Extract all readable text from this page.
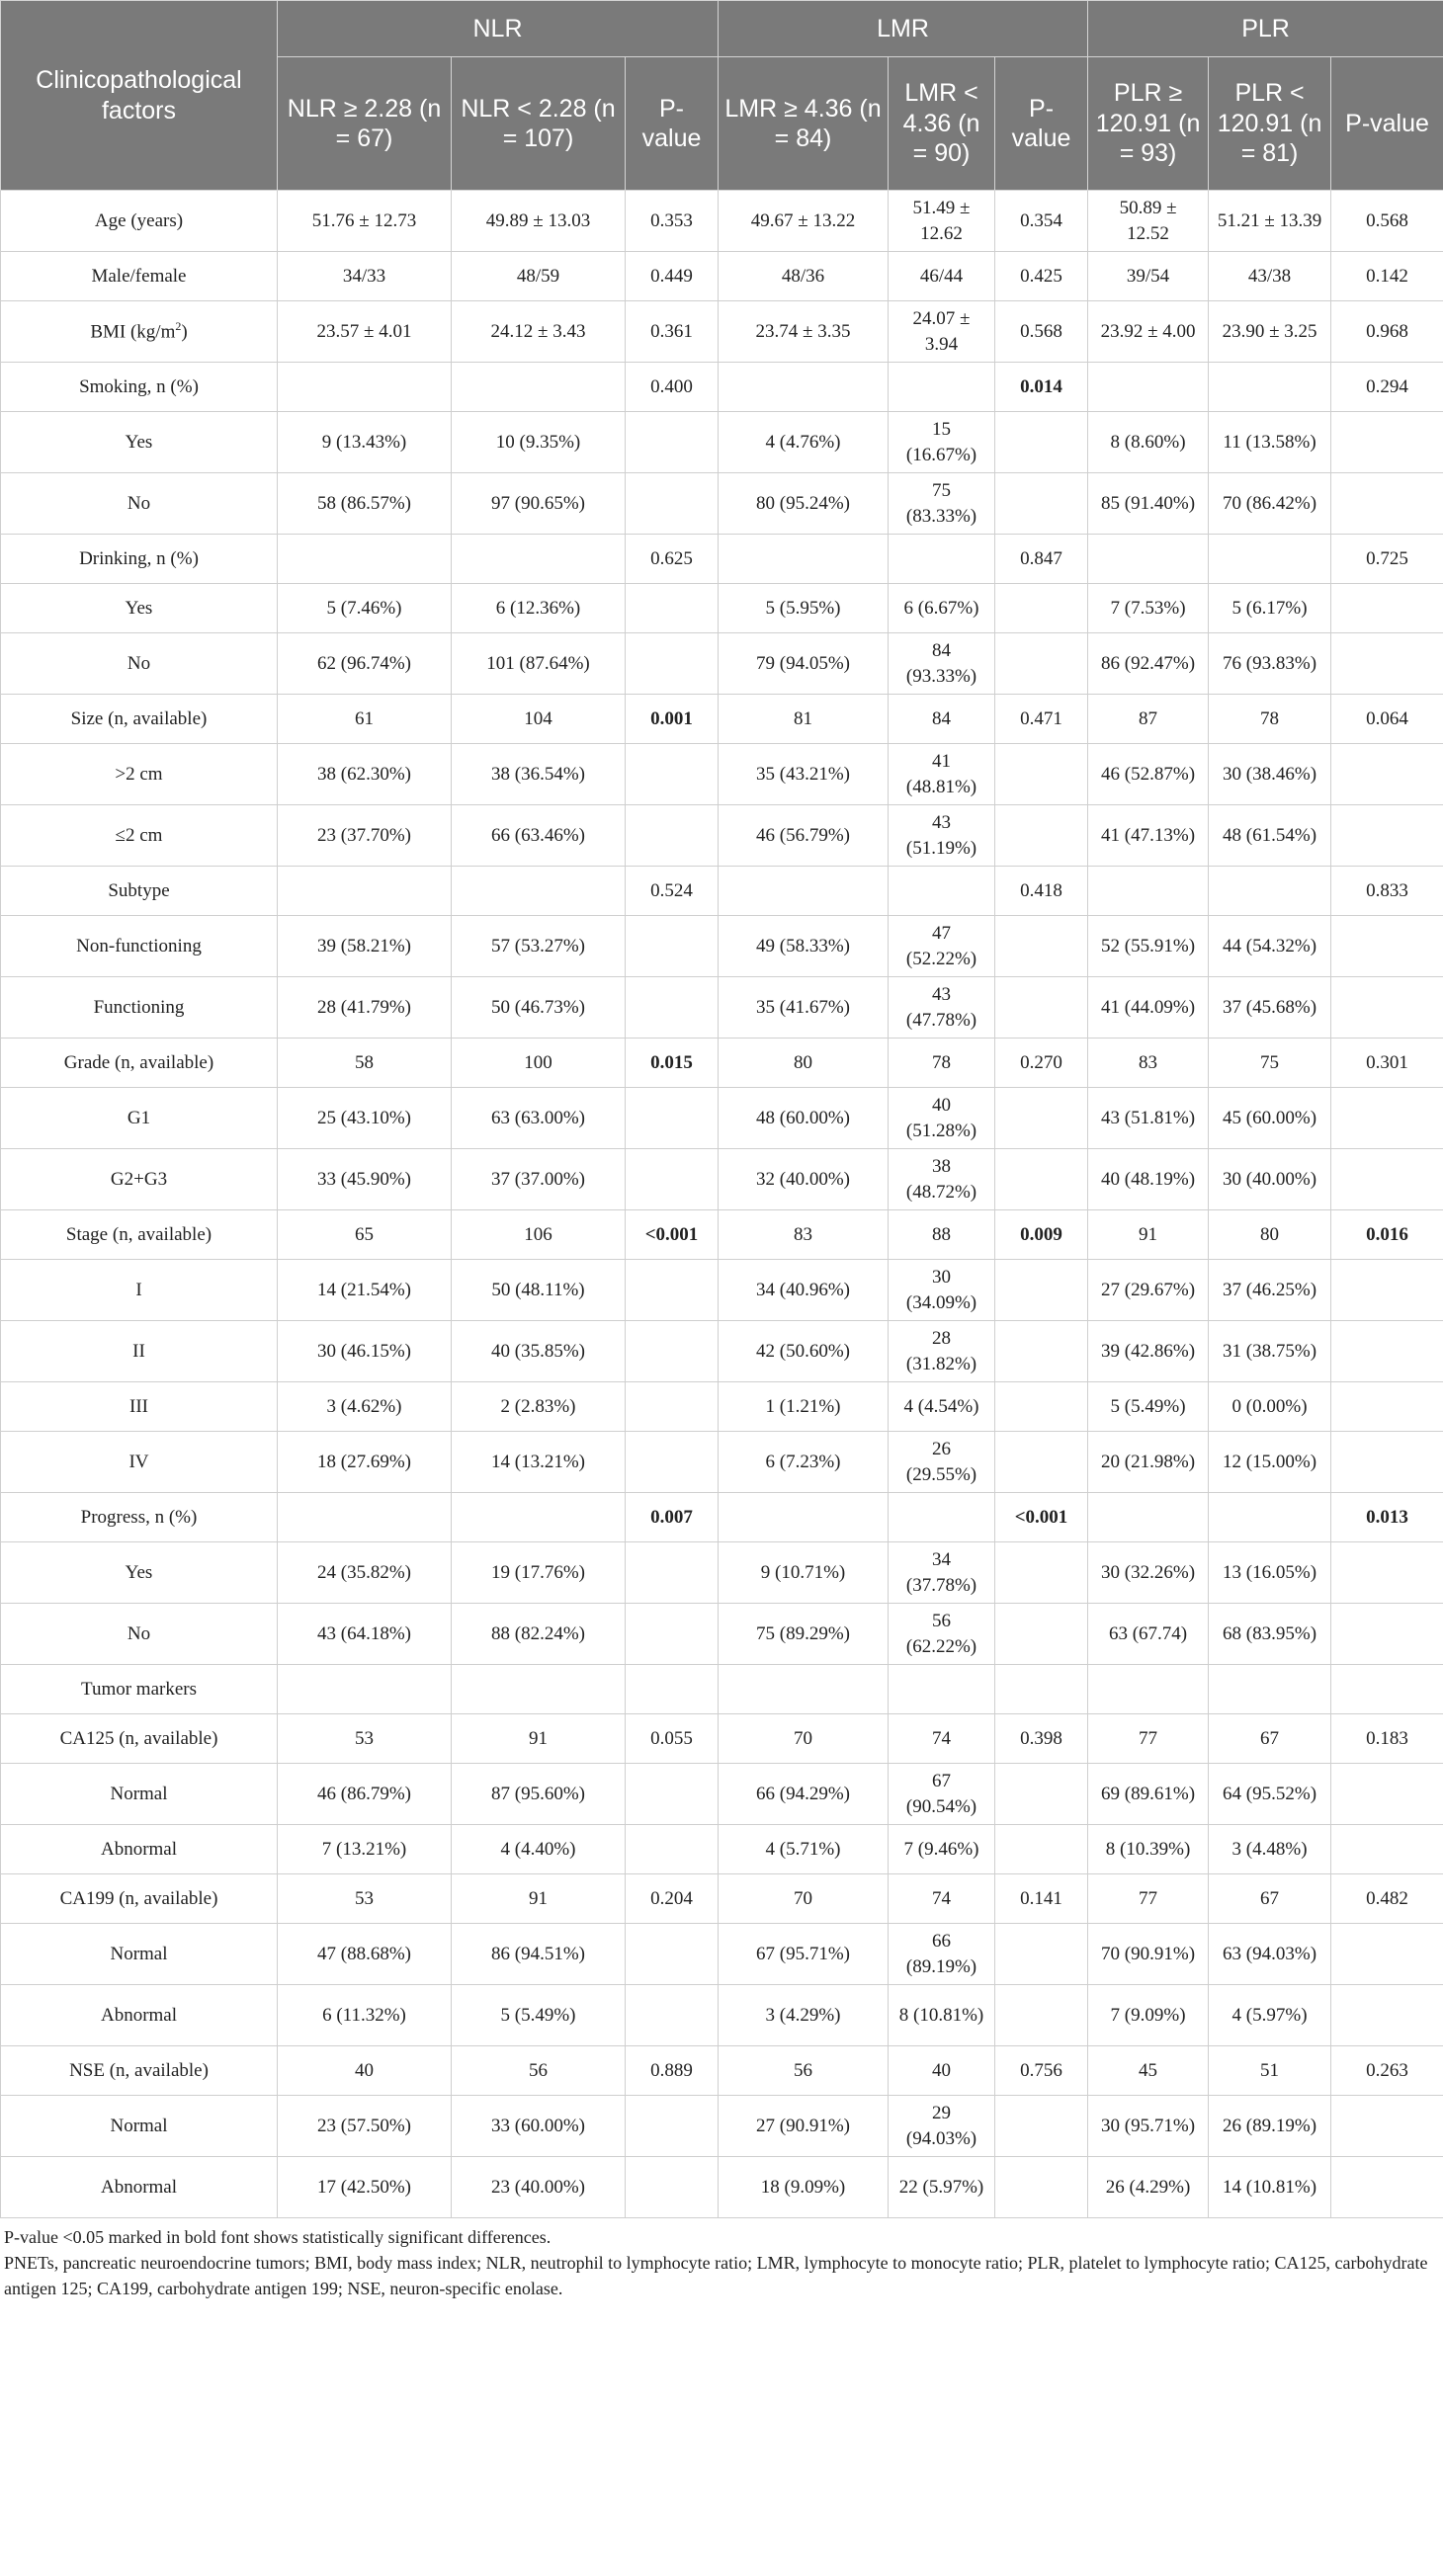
Clinicopathological factors	NLR			LMR			PLR		
	NLR ≥ 2.28 (n = 67)	NLR < 2.28 (n = 107)	P-value	LMR ≥ 4.36 (n = 84)	LMR < 4.36 (n = 90)	P-value	PLR ≥ 120.91 (n = 93)	PLR < 120.91 (n = 81)	P-value
Age (years)	51.76 ± 12.73	49.89 ± 13.03	0.353	49.67 ± 13.22	51.49 ± 12.62	0.354	50.89 ± 12.52	51.21 ± 13.39	0.568
Male/female	34/33	48/59	0.449	48/36	46/44	0.425	39/54	43/38	0.142
BMI $(kg/m^2)$	23.57 ± 4.01	24.12 ± 3.43	0.361	23.74 ± 3.35	24.07 ± 3.94	0.568	23.92 ± 4.00	23.90 ± 3.25	0.968
Smoking, n (%)			0.400			0.014			0.294
Yes	9 (13.43%)	10 (9.35%)		4 (4.76%)	15 (16.67%)		8 (8.60%)	11 (13.58%)	
No	58 (86.57%)	97 (90.65%)		80 (95.24%)	75 (83.33%)		85 (91.40%)	70 (86.42%)	
Drinking, n (%)			0.625			0.847			0.725
Yes	5 (7.46%)	6 (12.36%)		5 (5.95%)	6 (6.67%)		7 (7.53%)	5 (6.17%)	
No	62 (96.74%)	101 (87.64%)		79 (94.05%)	84 (93.33%)		86 (92.47%)	76 (93.83%)	
Size (n, available)	61	104	0.001	81	84	0.471	87	78	0.064
>2 cm	38 (62.30%)	38 (36.54%)		35 (43.21%)	41 (48.81%)		46 (52.87%)	30 (38.46%)	
≤2 cm	23 (37.70%)	66 (63.46%)		46 (56.79%)	43 (51.19%)		41 (47.13%)	48 (61.54%)	
Subtype			0.524			0.418			0.833
Non-functioning	39 (58.21%)	57 (53.27%)		49 (58.33%)	47 (52.22%)		52 (55.91%)	44 (54.32%)	
Functioning	28 (41.79%)	50 (46.73%)		35 (41.67%)	43 (47.78%)		41 (44.09%)	37 (45.68%)	
Grade (n, available)	58	100	0.015	80	78	0.270	83	75	0.301
G1	25 (43.10%)	63 (63.00%)		48 (60.00%)	40 (51.28%)		43 (51.81%)	45 (60.00%)	
G2+G3	33 (45.90%)	37 (37.00%)		32 (40.00%)	38 (48.72%)		40 (48.19%)	30 (40.00%)	
Stage (n, available)	65	106	<0.001	83	88	0.009	91	80	0.016
I	14 (21.54%)	50 (48.11%)		34 (40.96%)	30 (34.09%)		27 (29.67%)	37 (46.25%)	
II	30 (46.15%)	40 (35.85%)		42 (50.60%)	28 (31.82%)		39 (42.86%)	31 (38.75%)	
III	3 (4.62%)	2 (2.83%)		1 (1.21%)	4 (4.54%)		5 (5.49%)	0 (0.00%)	
IV	18 (27.69%)	14 (13.21%)		6 (7.23%)	26 (29.55%)		20 (21.98%)	12 (15.00%)	
Progress, n (%)			0.007			<0.001			0.013
Yes	24 (35.82%)	19 (17.76%)		9 (10.71%)	34 (37.78%)		30 (32.26%)	13 (16.05%)	
No	43 (64.18%)	88 (82.24%)		75 (89.29%)	56 (62.22%)		63 (67.74)	68 (83.95%)	
Tumor markers									
CA125 (n, available)	53	91	0.055	70	74	0.398	77	67	0.183
Normal	46 (86.79%)	87 (95.60%)		66 (94.29%)	67 (90.54%)		69 (89.61%)	64 (95.52%)	
Abnormal	7 (13.21%)	4 (4.40%)		4 (5.71%)	7 (9.46%)		8 (10.39%)	3 (4.48%)	
CA199 (n, available)	53	91	0.204	70	74	0.141	77	67	0.482
Normal	47 (88.68%)	86 (94.51%)		67 (95.71%)	66 (89.19%)		70 (90.91%)	63 (94.03%)	
Abnormal	6 (11.32%)	5 (5.49%)		3 (4.29%)	8 (10.81%)		7 (9.09%)	4 (5.97%)	
NSE (n, available)	40	56	0.889	56	40	0.756	45	51	0.263
Normal	23 (57.50%)	33 (60.00%)		27 (90.91%)	29 (94.03%)		30 (95.71%)	26 (89.19%)	
Abnormal	17 (42.50%)	23 (40.00%)		18 (9.09%)	22 (5.97%)		26 (4.29%)	14 (10.81%)	
P-value <0.05 marked in bold font shows statistically significant differences.
PNETs, pancreatic neuroendocrine tumors; BMI, body mass index; NLR, neutrophil to lymphocyte ratio; LMR, lymphocyte to monocyte ratio; PLR, platelet to lymphocyte ratio; CA125, carbohydrate antigen 125; CA199, carbohydrate antigen 199; NSE, neuron-specific enolase.
